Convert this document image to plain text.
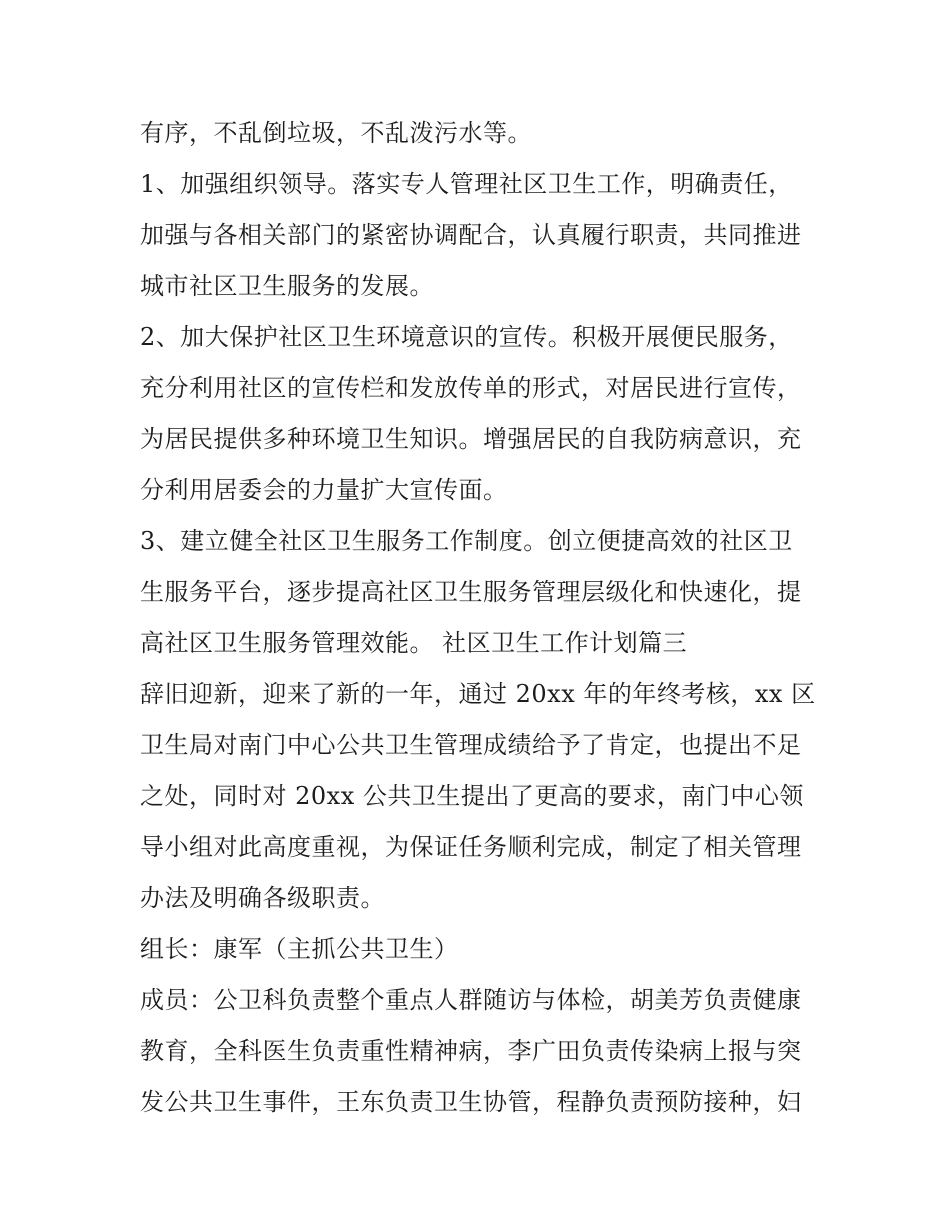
有序，不乱倒垃圾，不乱泼污水等。
1、加强组织领导。落实专人管理社区卫生工作，明确责任，
加强与各相关部门的紧密协调配合，认真履行职责，共同推进
城市社区卫生服务的发展。
2、加大保护社区卫生环境意识的宣传。积极开展便民服务，
充分利用社区的宣传栏和发放传单的形式，对居民进行宣传，
为居民提供多种环境卫生知识。增强居民的自我防病意识，充
分利用居委会的力量扩大宣传面。
3、建立健全社区卫生服务工作制度。创立便捷高效的社区卫
生服务平台，逐步提高社区卫生服务管理层级化和快速化，提
高社区卫生服务管理效能。 社区卫生工作计划篇三
辞旧迎新，迎来了新的一年，通过 20xx 年的年终考核，xx 区
卫生局对南门中心公共卫生管理成绩给予了肯定，也提出不足
之处，同时对 20xx 公共卫生提出了更高的要求，南门中心领
导小组对此高度重视，为保证任务顺利完成，制定了相关管理
办法及明确各级职责。
组长：康军（主抓公共卫生）
成员：公卫科负责整个重点人群随访与体检，胡美芳负责健康
教育，全科医生负责重性精神病，李广田负责传染病上报与突
发公共卫生事件，王东负责卫生协管，程静负责预防接种，妇
